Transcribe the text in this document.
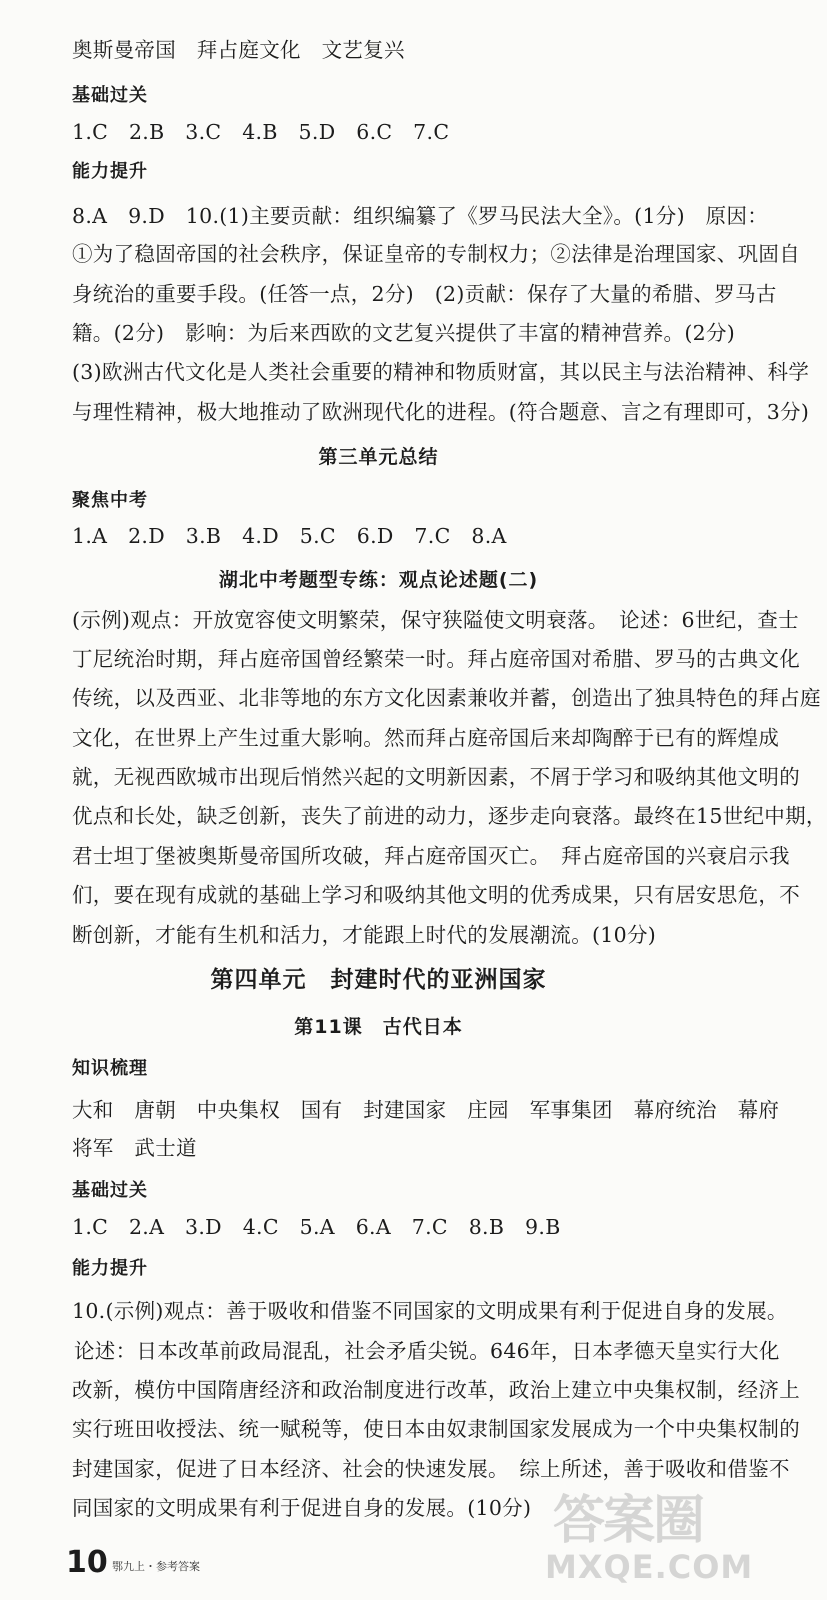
奥斯曼帝国　拜占庭文化　文艺复兴
基础过关
1.C　2.B　3.C　4.B　5.D　6.C　7.C
能力提升
8.A　9.D　10.(1)主要贡献：组织编纂了《罗马民法大全》。(1分)　原因：
①为了稳固帝国的社会秩序，保证皇帝的专制权力；②法律是治理国家、巩固自
身统治的重要手段。(任答一点，2分)　(2)贡献：保存了大量的希腊、罗马古
籍。(2分)　影响：为后来西欧的文艺复兴提供了丰富的精神营养。(2分)
(3)欧洲古代文化是人类社会重要的精神和物质财富，其以民主与法治精神、科学
与理性精神，极大地推动了欧洲现代化的进程。(符合题意、言之有理即可，3分)
第三单元总结
聚焦中考
1.A　2.D　3.B　4.D　5.C　6.D　7.C　8.A
湖北中考题型专练：观点论述题(二)
(示例)观点：开放宽容使文明繁荣，保守狭隘使文明衰落。　论述：6世纪，查士
丁尼统治时期，拜占庭帝国曾经繁荣一时。拜占庭帝国对希腊、罗马的古典文化
传统，以及西亚、北非等地的东方文化因素兼收并蓄，创造出了独具特色的拜占庭
文化，在世界上产生过重大影响。然而拜占庭帝国后来却陶醉于已有的辉煌成
就，无视西欧城市出现后悄然兴起的文明新因素，不屑于学习和吸纳其他文明的
优点和长处，缺乏创新，丧失了前进的动力，逐步走向衰落。最终在15世纪中期，
君士坦丁堡被奥斯曼帝国所攻破，拜占庭帝国灭亡。　拜占庭帝国的兴衰启示我
们，要在现有成就的基础上学习和吸纳其他文明的优秀成果，只有居安思危，不
断创新，才能有生机和活力，才能跟上时代的发展潮流。(10分)
第四单元　封建时代的亚洲国家
第11课　古代日本
知识梳理
大和　唐朝　中央集权　国有　封建国家　庄园　军事集团　幕府统治　幕府
将军　武士道
基础过关
1.C　2.A　3.D　4.C　5.A　6.A　7.C　8.B　9.B
能力提升
10.(示例)观点：善于吸收和借鉴不同国家的文明成果有利于促进自身的发展。
论述：日本改革前政局混乱，社会矛盾尖锐。646年，日本孝德天皇实行大化
改新，模仿中国隋唐经济和政治制度进行改革，政治上建立中央集权制，经济上
实行班田收授法、统一赋税等，使日本由奴隶制国家发展成为一个中央集权制的
封建国家，促进了日本经济、社会的快速发展。　综上所述，善于吸收和借鉴不
同国家的文明成果有利于促进自身的发展。(10分)
10 鄂九上・参考答案
答案圈
MXQE.COM
